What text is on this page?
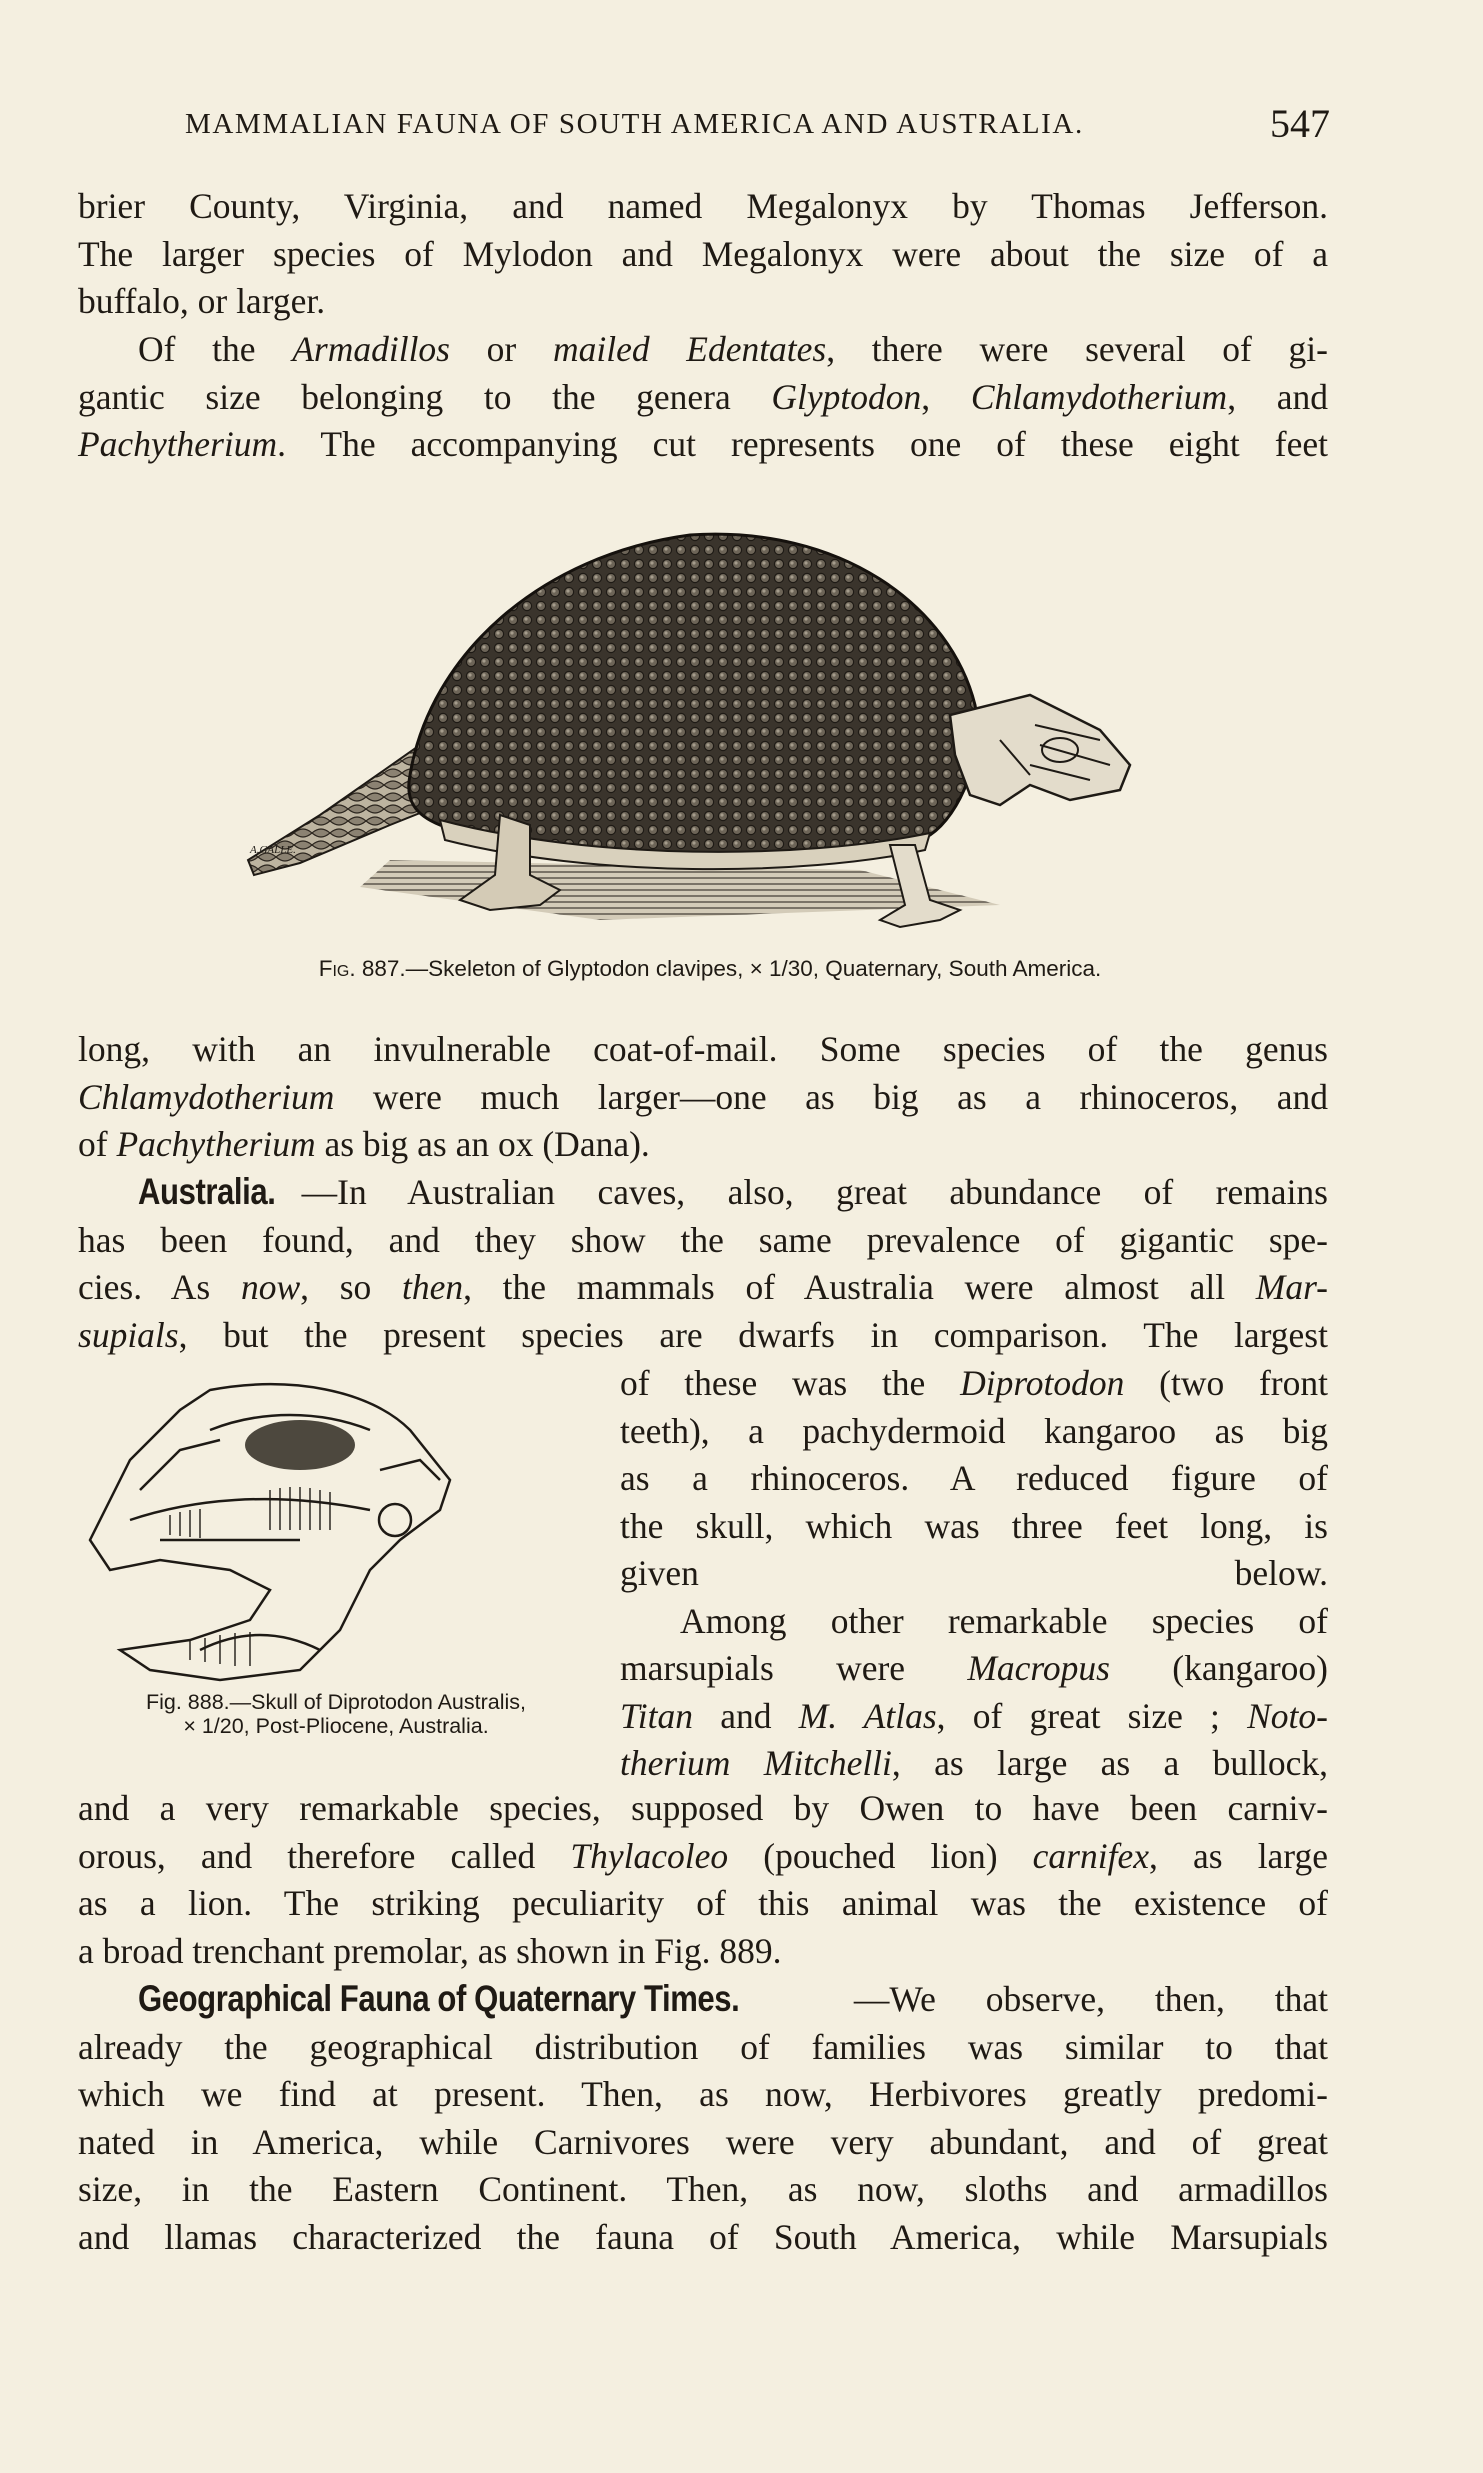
MAMMALIAN FAUNA OF SOUTH AMERICA AND AUSTRALIA.	547
brier County, Virginia, and named Megalonyx by Thomas Jefferson.
The larger species of Mylodon and Megalonyx were about the size of a
buffalo, or larger.
Of the Armadillos or mailed Edentates, there were several of gi-
gantic size belonging to the genera Glyptodon, Chlamydotherium, and
Pachytherium. The accompanying cut represents one of these eight feet
A.GALLE.
Fig. 887.—Skeleton of Glyptodon clavipes, × 1/30, Quaternary, South America.
long, with an invulnerable coat-of-mail. Some species of the genus
Chlamydotherium were much larger—one as big as a rhinoceros, and
of Pachytherium as big as an ox (Dana).
Australia. —In Australian caves, also, great abundance of remains
has been found, and they show the same prevalence of gigantic spe-
cies. As now, so then, the mammals of Australia were almost all Mar-
supials, but the present species are dwarfs in comparison. The largest
Fig. 888.—Skull of Diprotodon Australis,
× 1/20, Post-Pliocene, Australia.
of these was the Diprotodon (two front
teeth), a pachydermoid kangaroo as big
as a rhinoceros. A reduced figure of
the skull, which was three feet long, is
given below.
Among other remarkable species of
marsupials were Macropus (kangaroo)
Titan and M. Atlas, of great size ; Noto-
therium Mitchelli, as large as a bullock,
and a very remarkable species, supposed by Owen to have been carniv-
orous, and therefore called Thylacoleo (pouched lion) carnifex, as large
as a lion. The striking peculiarity of this animal was the existence of
a broad trenchant premolar, as shown in Fig. 889.
Geographical Fauna of Quaternary Times.	—We observe, then, that
already the geographical distribution of families was similar to that
which we find at present. Then, as now, Herbivores greatly predomi-
nated in America, while Carnivores were very abundant, and of great
size, in the Eastern Continent. Then, as now, sloths and armadillos
and llamas characterized the fauna of South America, while Marsupials
